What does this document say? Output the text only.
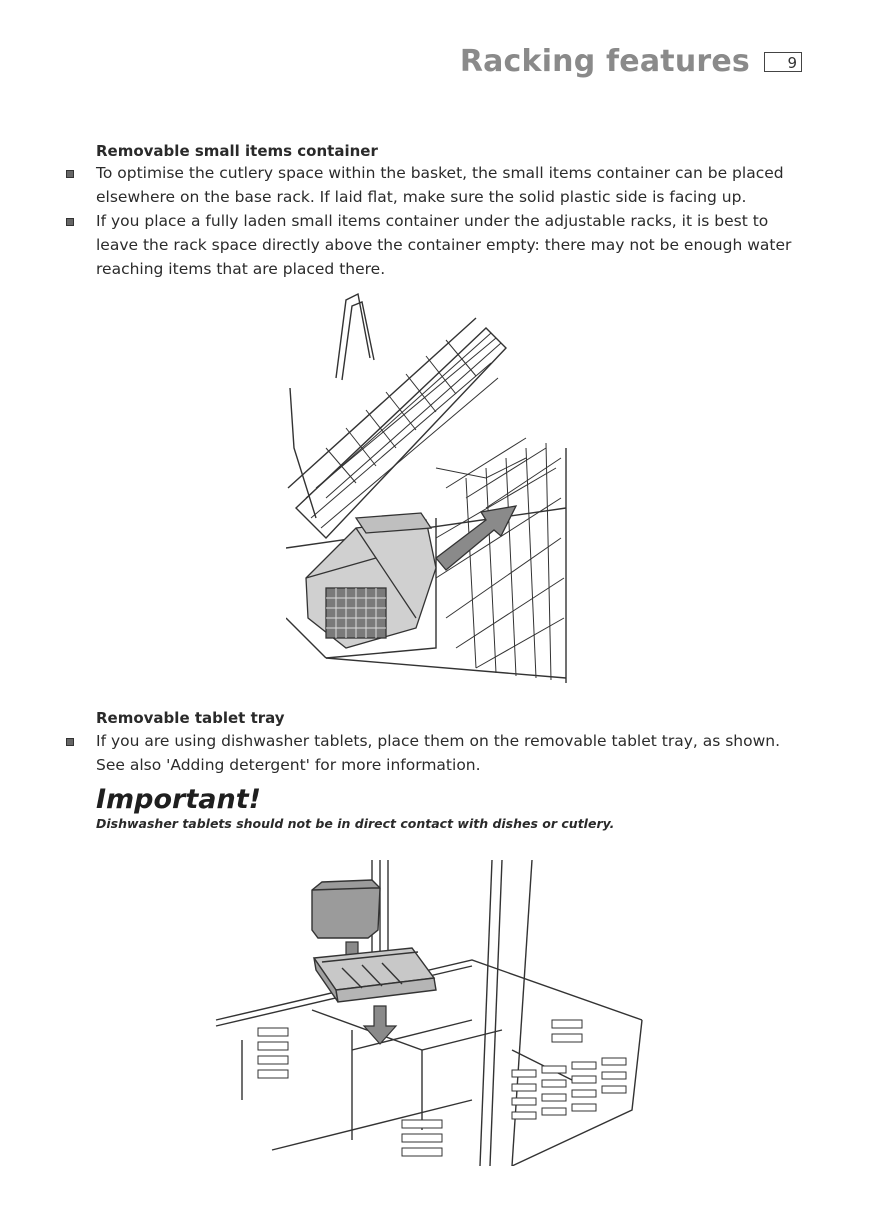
Racking features	9
Removable small items container
To optimise the cutlery space within the basket, the small items container can be placed elsewhere on the base rack. If laid flat, make sure the solid plastic side is facing up.
If you place a fully laden small items container under the adjustable racks, it is best to leave the rack space directly above the container empty: there may not be enough water reaching items that are placed there.
Removable tablet tray
If you are using dishwasher tablets, place them on the removable tablet tray, as shown.
See also 'Adding detergent' for more information.
Important!
Dishwasher tablets should not be in direct contact with dishes or cutlery.
